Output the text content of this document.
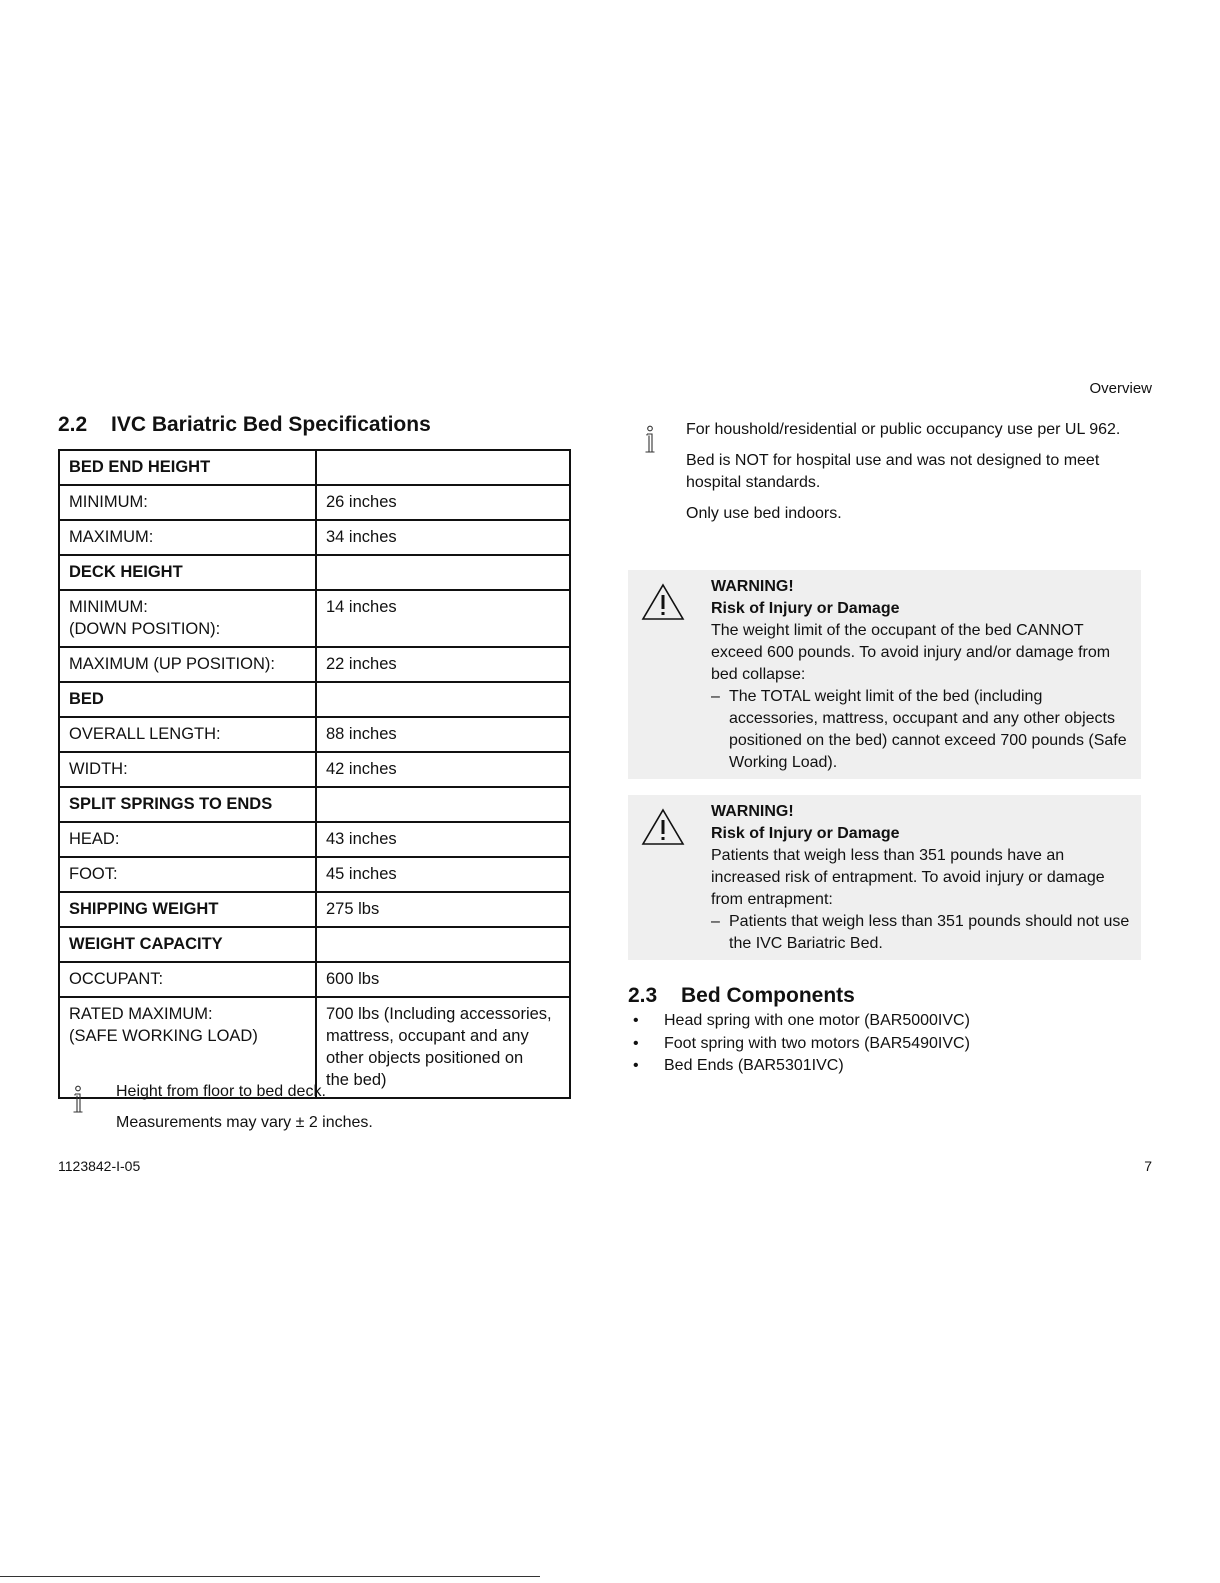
Overview
2.2 IVC Bariatric Bed Specifications
BED END HEIGHT	
MINIMUM:	26 inches
MAXIMUM:	34 inches
DECK HEIGHT	
MINIMUM:
(DOWN POSITION):	14 inches
MAXIMUM (UP POSITION):	22 inches
BED	
OVERALL LENGTH:	88 inches
WIDTH:	42 inches
SPLIT SPRINGS TO ENDS	
HEAD:	43 inches
FOOT:	45 inches
SHIPPING WEIGHT	275 lbs
WEIGHT CAPACITY	
OCCUPANT:	600 lbs
RATED MAXIMUM:
(SAFE WORKING LOAD)	700 lbs (Including accessories,
mattress, occupant and any
other objects positioned on
the bed)

Height from floor to bed deck.

Measurements may vary ± 2 inches.

For houshold/residential or public occupancy use per UL 962.

Bed is NOT for hospital use and was not designed to meet hospital standards.

Only use bed indoors.

WARNING!
Risk of Injury or Damage
The weight limit of the occupant of the bed CANNOT exceed 600 pounds. To avoid injury and/or damage from bed collapse:
– The TOTAL weight limit of the bed (including accessories, mattress, occupant and any other objects positioned on the bed) cannot exceed 700 pounds (Safe Working Load).
WARNING!
Risk of Injury or Damage
Patients that weigh less than 351 pounds have an increased risk of entrapment. To avoid injury or damage from entrapment:
– Patients that weigh less than 351 pounds should not use the IVC Bariatric Bed.
2.3 Bed Components
•	Head spring with one motor (BAR5000IVC)
•	Foot spring with two motors (BAR5490IVC)
•	Bed Ends (BAR5301IVC)
1123842-I-05	7
